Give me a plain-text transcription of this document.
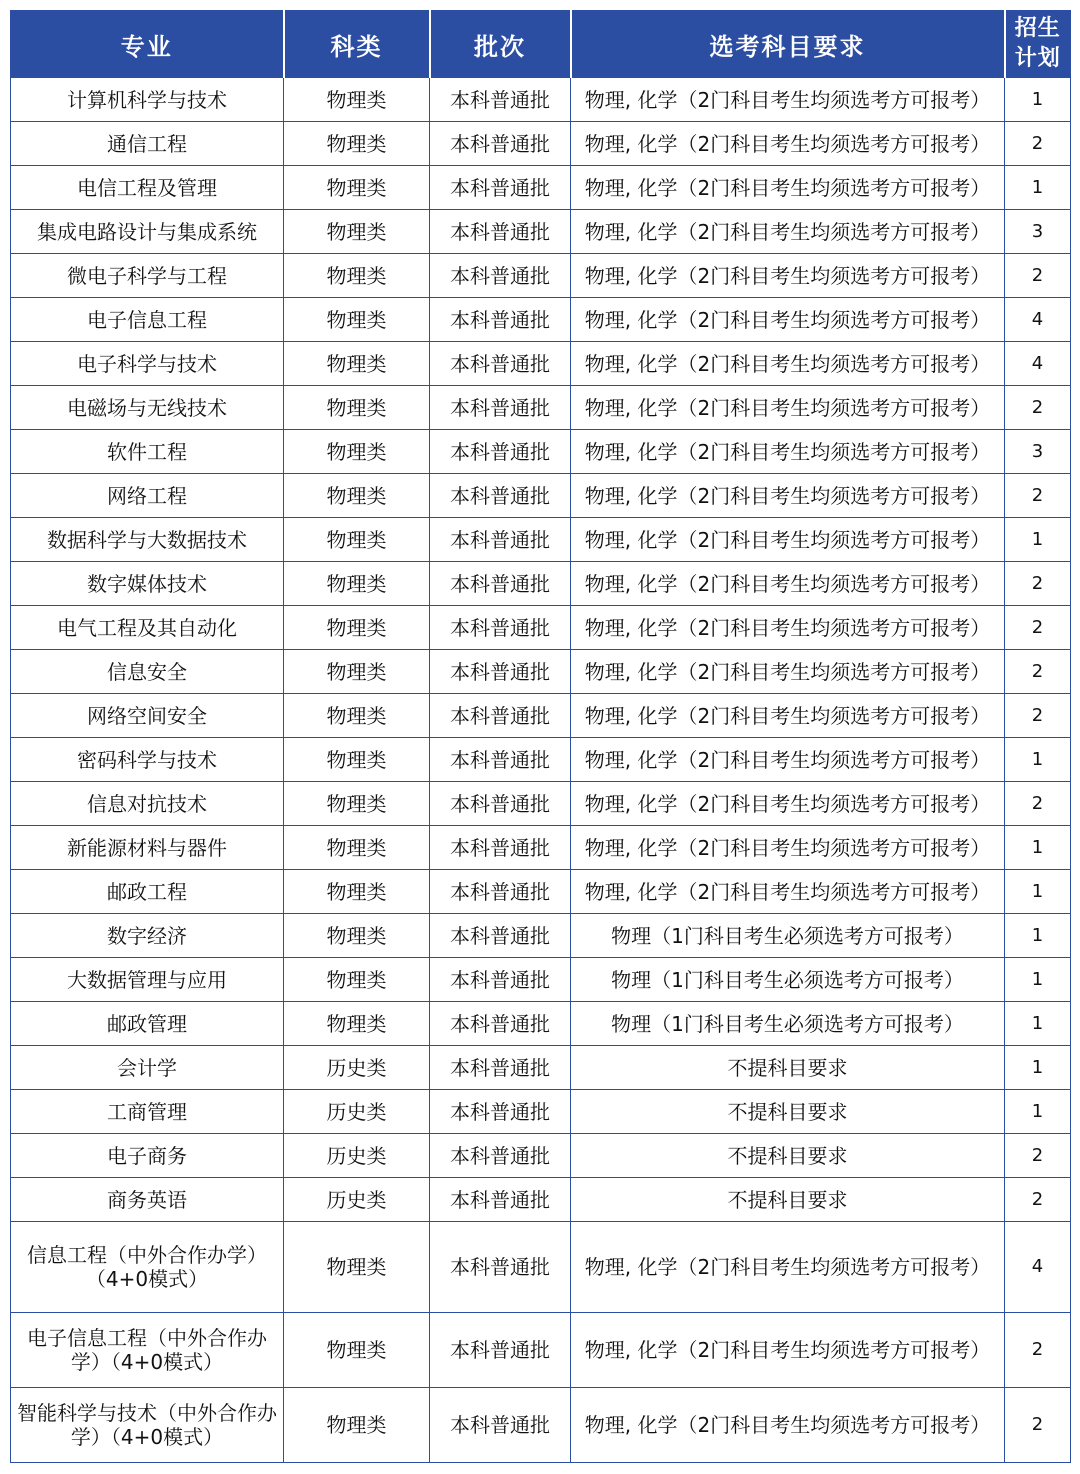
专业	科类	批次	选考科目要求	招生计划
计算机科学与技术	物理类	本科普通批	物理, 化学（2门科目考生均须选考方可报考）	1
通信工程	物理类	本科普通批	物理, 化学（2门科目考生均须选考方可报考）	2
电信工程及管理	物理类	本科普通批	物理, 化学（2门科目考生均须选考方可报考）	1
集成电路设计与集成系统	物理类	本科普通批	物理, 化学（2门科目考生均须选考方可报考）	3
微电子科学与工程	物理类	本科普通批	物理, 化学（2门科目考生均须选考方可报考）	2
电子信息工程	物理类	本科普通批	物理, 化学（2门科目考生均须选考方可报考）	4
电子科学与技术	物理类	本科普通批	物理, 化学（2门科目考生均须选考方可报考）	4
电磁场与无线技术	物理类	本科普通批	物理, 化学（2门科目考生均须选考方可报考）	2
软件工程	物理类	本科普通批	物理, 化学（2门科目考生均须选考方可报考）	3
网络工程	物理类	本科普通批	物理, 化学（2门科目考生均须选考方可报考）	2
数据科学与大数据技术	物理类	本科普通批	物理, 化学（2门科目考生均须选考方可报考）	1
数字媒体技术	物理类	本科普通批	物理, 化学（2门科目考生均须选考方可报考）	2
电气工程及其自动化	物理类	本科普通批	物理, 化学（2门科目考生均须选考方可报考）	2
信息安全	物理类	本科普通批	物理, 化学（2门科目考生均须选考方可报考）	2
网络空间安全	物理类	本科普通批	物理, 化学（2门科目考生均须选考方可报考）	2
密码科学与技术	物理类	本科普通批	物理, 化学（2门科目考生均须选考方可报考）	1
信息对抗技术	物理类	本科普通批	物理, 化学（2门科目考生均须选考方可报考）	2
新能源材料与器件	物理类	本科普通批	物理, 化学（2门科目考生均须选考方可报考）	1
邮政工程	物理类	本科普通批	物理, 化学（2门科目考生均须选考方可报考）	1
数字经济	物理类	本科普通批	物理（1门科目考生必须选考方可报考）	1
大数据管理与应用	物理类	本科普通批	物理（1门科目考生必须选考方可报考）	1
邮政管理	物理类	本科普通批	物理（1门科目考生必须选考方可报考）	1
会计学	历史类	本科普通批	不提科目要求	1
工商管理	历史类	本科普通批	不提科目要求	1
电子商务	历史类	本科普通批	不提科目要求	2
商务英语	历史类	本科普通批	不提科目要求	2
信息工程（中外合作办学）（4+0模式）	物理类	本科普通批	物理, 化学（2门科目考生均须选考方可报考）	4
电子信息工程（中外合作办学）（4+0模式）	物理类	本科普通批	物理, 化学（2门科目考生均须选考方可报考）	2
智能科学与技术（中外合作办学）（4+0模式）	物理类	本科普通批	物理, 化学（2门科目考生均须选考方可报考）	2
